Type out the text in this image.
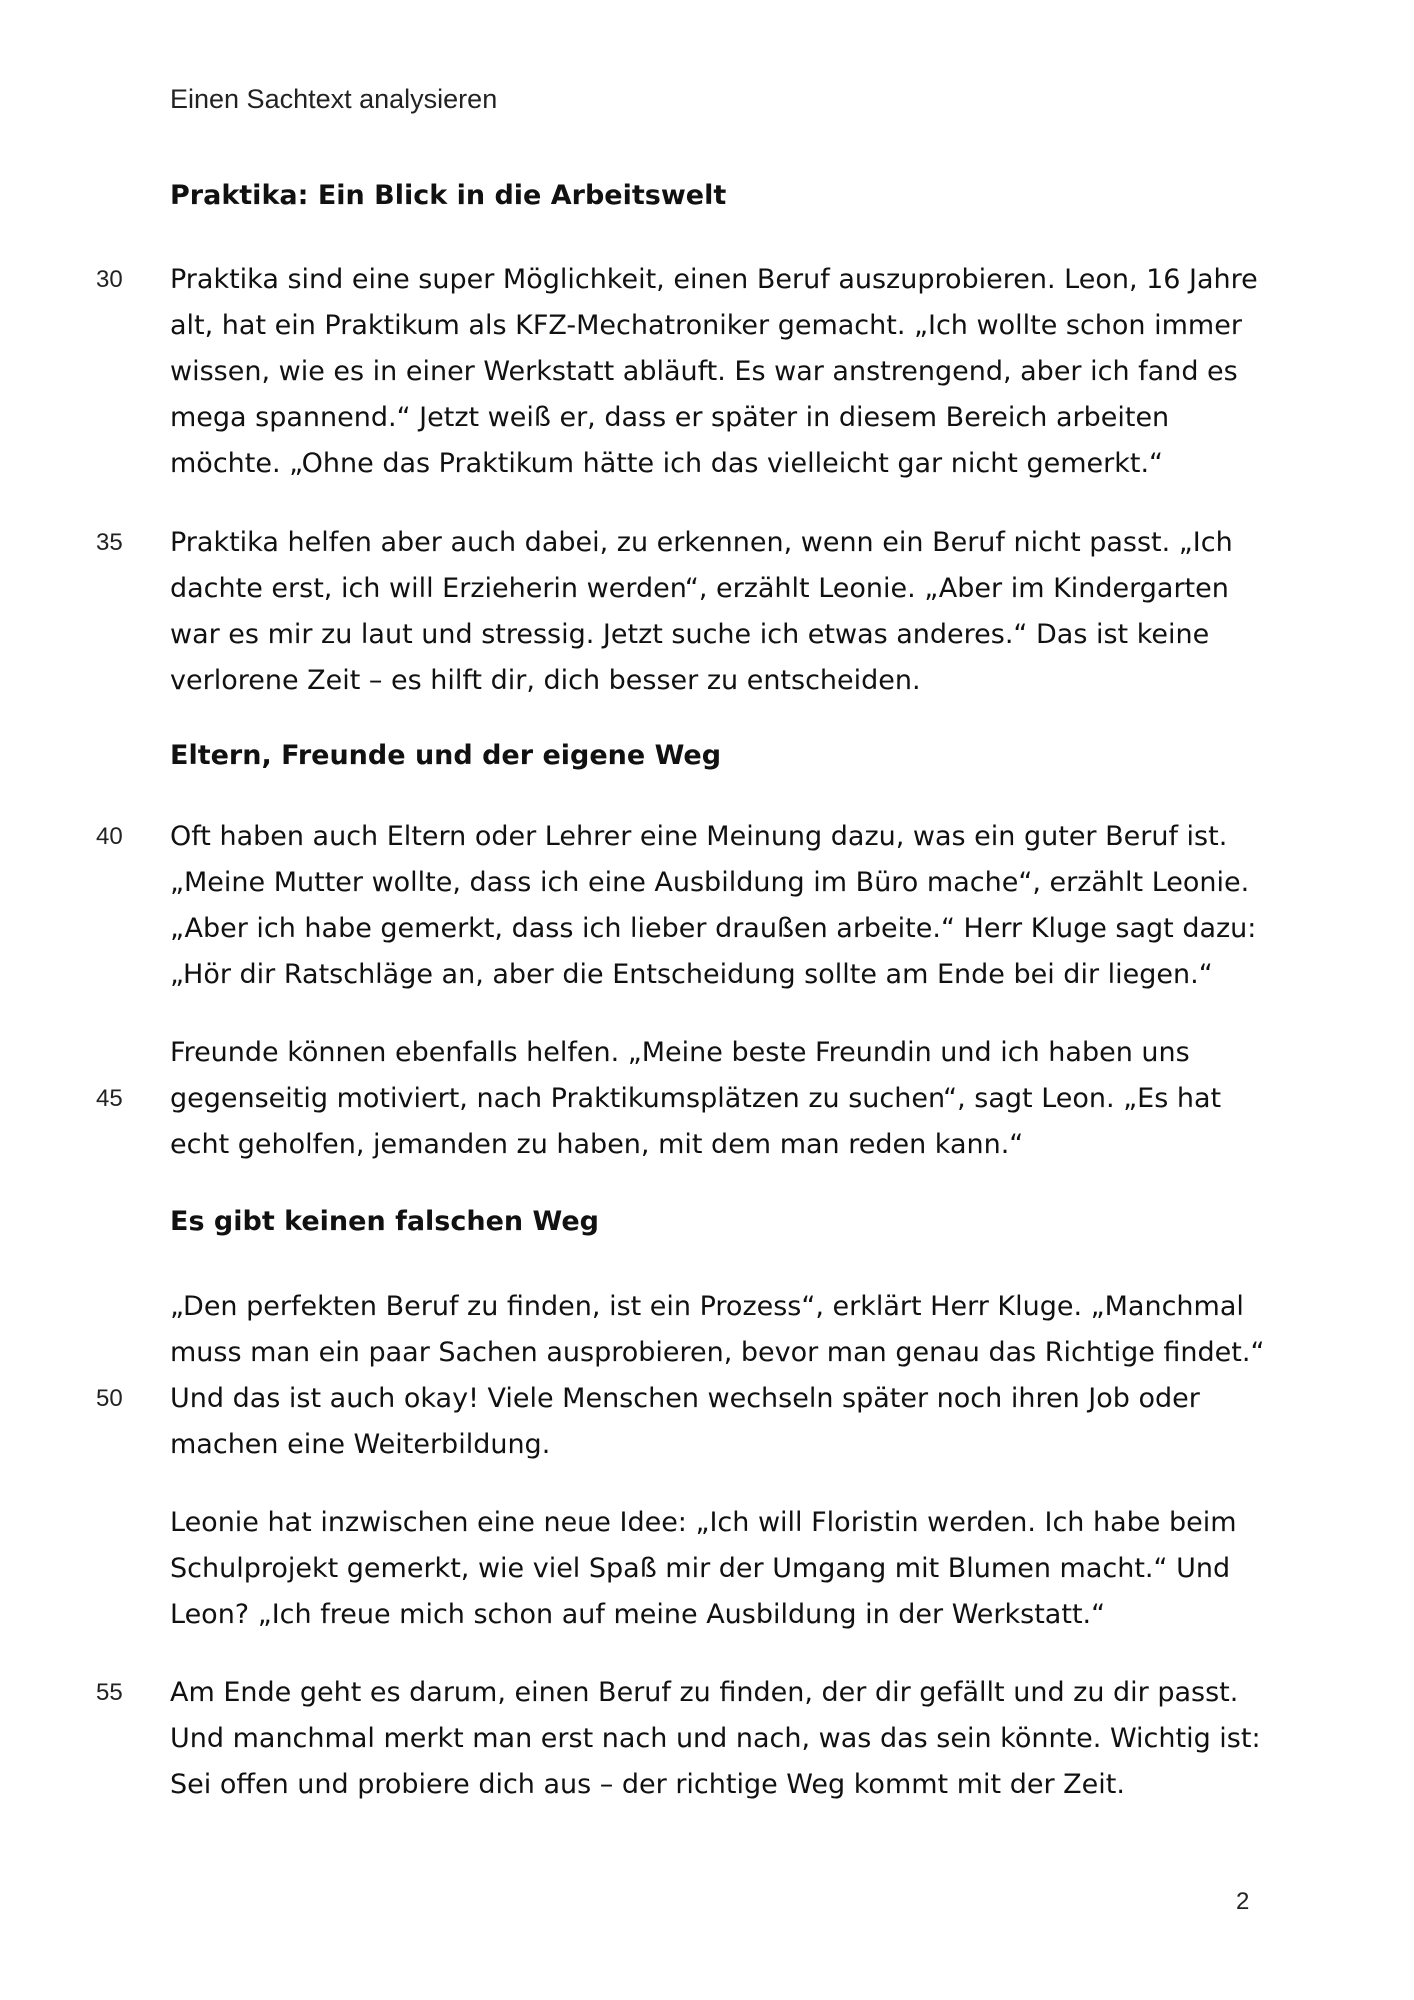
Einen Sachtext analysieren
Praktika: Ein Blick in die Arbeitswelt
Praktika sind eine super Möglichkeit, einen Beruf auszuprobieren. Leon, 16 Jahre
alt, hat ein Praktikum als KFZ-Mechatroniker gemacht. „Ich wollte schon immer
wissen, wie es in einer Werkstatt abläuft. Es war anstrengend, aber ich fand es
mega spannend.“ Jetzt weiß er, dass er später in diesem Bereich arbeiten
möchte. „Ohne das Praktikum hätte ich das vielleicht gar nicht gemerkt.“
Praktika helfen aber auch dabei, zu erkennen, wenn ein Beruf nicht passt. „Ich
dachte erst, ich will Erzieherin werden“, erzählt Leonie. „Aber im Kindergarten
war es mir zu laut und stressig. Jetzt suche ich etwas anderes.“ Das ist keine
verlorene Zeit – es hilft dir, dich besser zu entscheiden.
Eltern, Freunde und der eigene Weg
Oft haben auch Eltern oder Lehrer eine Meinung dazu, was ein guter Beruf ist.
„Meine Mutter wollte, dass ich eine Ausbildung im Büro mache“, erzählt Leonie.
„Aber ich habe gemerkt, dass ich lieber draußen arbeite.“ Herr Kluge sagt dazu:
„Hör dir Ratschläge an, aber die Entscheidung sollte am Ende bei dir liegen.“
Freunde können ebenfalls helfen. „Meine beste Freundin und ich haben uns
gegenseitig motiviert, nach Praktikumsplätzen zu suchen“, sagt Leon. „Es hat
echt geholfen, jemanden zu haben, mit dem man reden kann.“
Es gibt keinen falschen Weg
„Den perfekten Beruf zu finden, ist ein Prozess“, erklärt Herr Kluge. „Manchmal
muss man ein paar Sachen ausprobieren, bevor man genau das Richtige findet.“
Und das ist auch okay! Viele Menschen wechseln später noch ihren Job oder
machen eine Weiterbildung.
Leonie hat inzwischen eine neue Idee: „Ich will Floristin werden. Ich habe beim
Schulprojekt gemerkt, wie viel Spaß mir der Umgang mit Blumen macht.“ Und
Leon? „Ich freue mich schon auf meine Ausbildung in der Werkstatt.“
Am Ende geht es darum, einen Beruf zu finden, der dir gefällt und zu dir passt.
Und manchmal merkt man erst nach und nach, was das sein könnte. Wichtig ist:
Sei offen und probiere dich aus – der richtige Weg kommt mit der Zeit.
30
35
40
45
50
55
2
